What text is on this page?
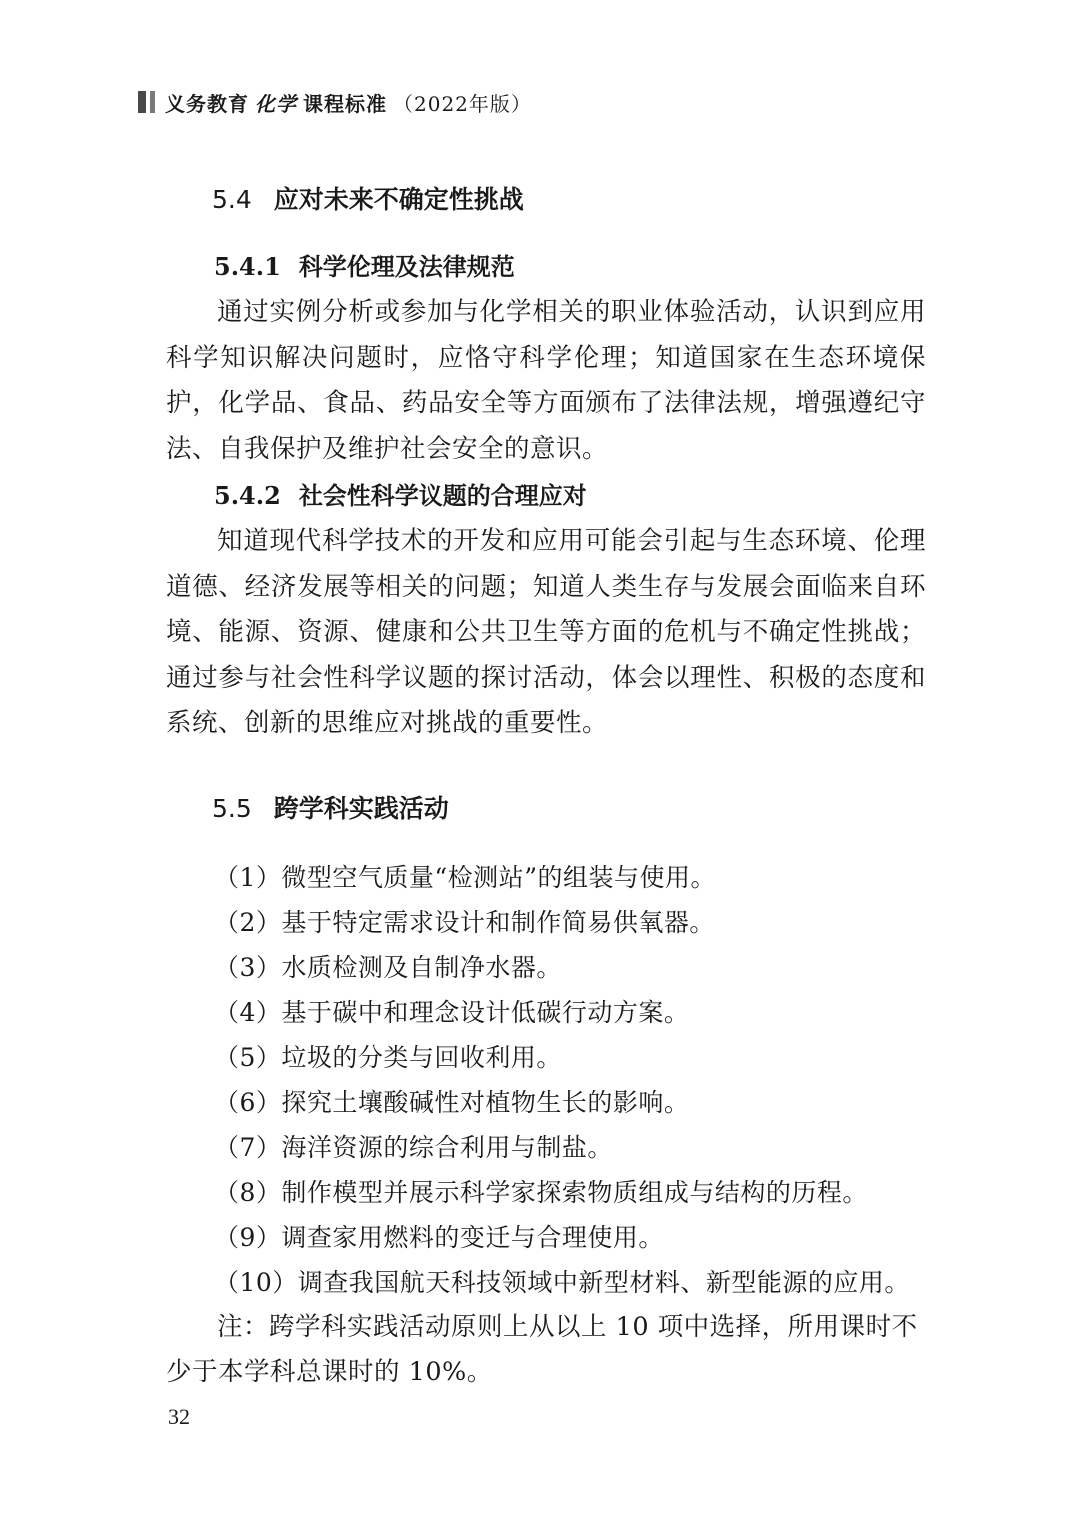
义务教育 化学 课程标准 （2022年版）
5.4 应对未来不确定性挑战
5.4.1 科学伦理及法律规范

通过实例分析或参加与化学相关的职业体验活动，认识到应用科学知识解决问题时，应恪守科学伦理；知道国家在生态环境保护，化学品、食品、药品安全等方面颁布了法律法规，增强遵纪守法、自我保护及维护社会安全的意识。

5.4.2 社会性科学议题的合理应对

知道现代科学技术的开发和应用可能会引起与生态环境、伦理道德、经济发展等相关的问题；知道人类生存与发展会面临来自环境、能源、资源、健康和公共卫生等方面的危机与不确定性挑战；通过参与社会性科学议题的探讨活动，体会以理性、积极的态度和系统、创新的思维应对挑战的重要性。

5.5 跨学科实践活动
（1）微型空气质量“检测站”的组装与使用。
（2）基于特定需求设计和制作简易供氧器。
（3）水质检测及自制净水器。
（4）基于碳中和理念设计低碳行动方案。
（5）垃圾的分类与回收利用。
（6）探究土壤酸碱性对植物生长的影响。
（7）海洋资源的综合利用与制盐。
（8）制作模型并展示科学家探索物质组成与结构的历程。
（9）调查家用燃料的变迁与合理使用。
（10）调查我国航天科技领域中新型材料、新型能源的应用。

注：跨学科实践活动原则上从以上 10 项中选择，所用课时不少于本学科总课时的 10%。

32
